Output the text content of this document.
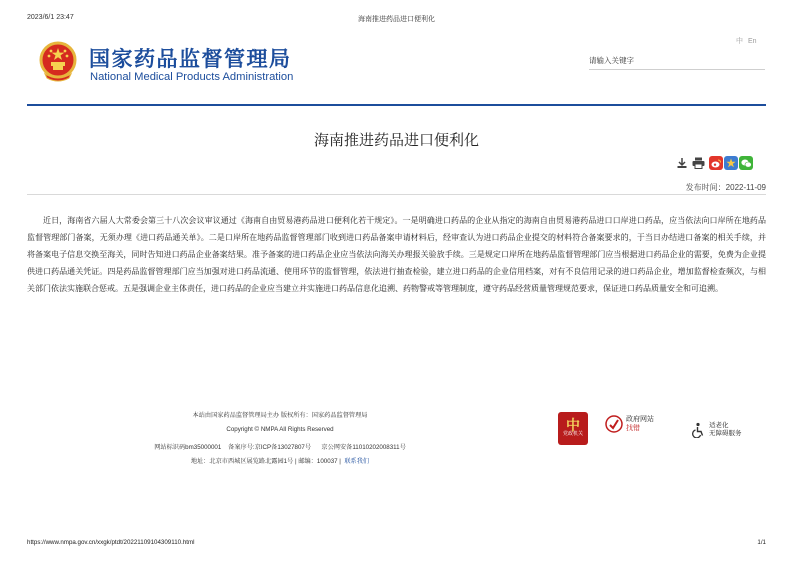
2023/6/1 23:47	海南推进药品进口便利化
国家药品监督管理局
National Medical Products Administration
中 En
请输入关键字
海南推进药品进口便利化
发布时间：2022-11-09

近日，海南省六届人大常委会第三十八次会议审议通过《海南自由贸易港药品进口便利化若干规定》。一是明确进口药品的企业从指定的海南自由贸易港药品进口口岸进口药品，应当依法向口岸所在地药品监督管理部门备案，无须办理《进口药品通关单》。二是口岸所在地药品监督管理部门收到进口药品备案申请材料后，经审查认为进口药品企业提交的材料符合备案要求的，于当日办结进口备案的相关手续，并将备案电子信息交换至海关，同时告知进口药品企业备案结果。准予备案的进口药品企业应当依法向海关办理报关验放手续。三是规定口岸所在地药品监督管理部门应当根据进口药品企业的需要，免费为企业提供进口药品通关凭证。四是药品监督管理部门应当加强对进口药品流通、使用环节的监督管理，依法进行抽查检验，建立进口药品的企业信用档案，对有不良信用记录的进口药品企业，增加监督检查频次，与相关部门依法实施联合惩戒。五是强调企业主体责任，进口药品的企业应当建立并实施进口药品信息化追溯、药物警戒等管理制度，遵守药品经营质量管理规范要求，保证进口药品质量安全和可追溯。

本站由国家药品监督管理局主办 版权所有：国家药品监督管理局
Copyright © NMPA All Rights Reserved
网站标识码bm35000001 备案序号:京ICP备13027807号 京公网安备11010202008311号
地址：北京市西城区展览路北露园1号 | 邮编：100037 | 联系我们
中
党政机关
政府网站
找错	适老化
无障碍服务
https://www.nmpa.gov.cn/xxgk/ptdt/20221109104309110.html	1/1
